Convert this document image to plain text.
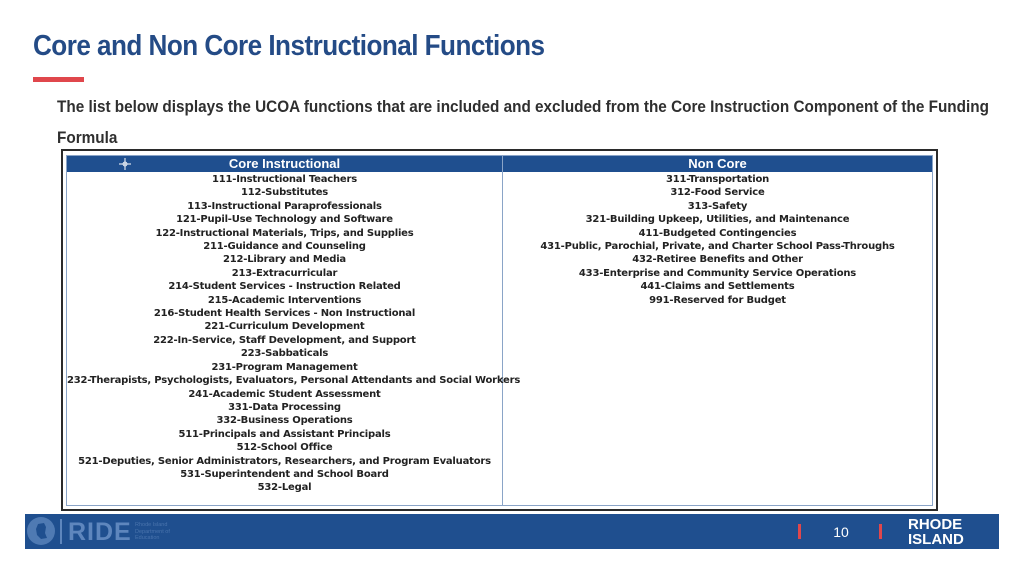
Core and Non Core Instructional Functions

The list below displays the UCOA functions that are included and excluded from the Core Instruction Component of the Funding Formula

Core Instructional
111-Instructional Teachers
112-Substitutes
113-Instructional Paraprofessionals
121-Pupil-Use Technology and Software
122-Instructional Materials, Trips, and Supplies
211-Guidance and Counseling
212-Library and Media
213-Extracurricular
214-Student Services - Instruction Related
215-Academic Interventions
216-Student Health Services - Non Instructional
221-Curriculum Development
222-In-Service, Staff Development, and Support
223-Sabbaticals
231-Program Management
232-Therapists, Psychologists, Evaluators, Personal Attendants and Social Workers
241-Academic Student Assessment
331-Data Processing
332-Business Operations
511-Principals and Assistant Principals
512-School Office
521-Deputies, Senior Administrators, Researchers, and Program Evaluators
531-Superintendent and School Board
532-Legal
Non Core
311-Transportation
312-Food Service
313-Safety
321-Building Upkeep, Utilities, and Maintenance
411-Budgeted Contingencies
431-Public, Parochial, Private, and Charter School Pass-Throughs
432-Retiree Benefits and Other
433-Enterprise and Community Service Operations
441-Claims and Settlements
991-Reserved for Budget
RIDE Rhode Island Department of Education	10	RHODE
ISLAND
